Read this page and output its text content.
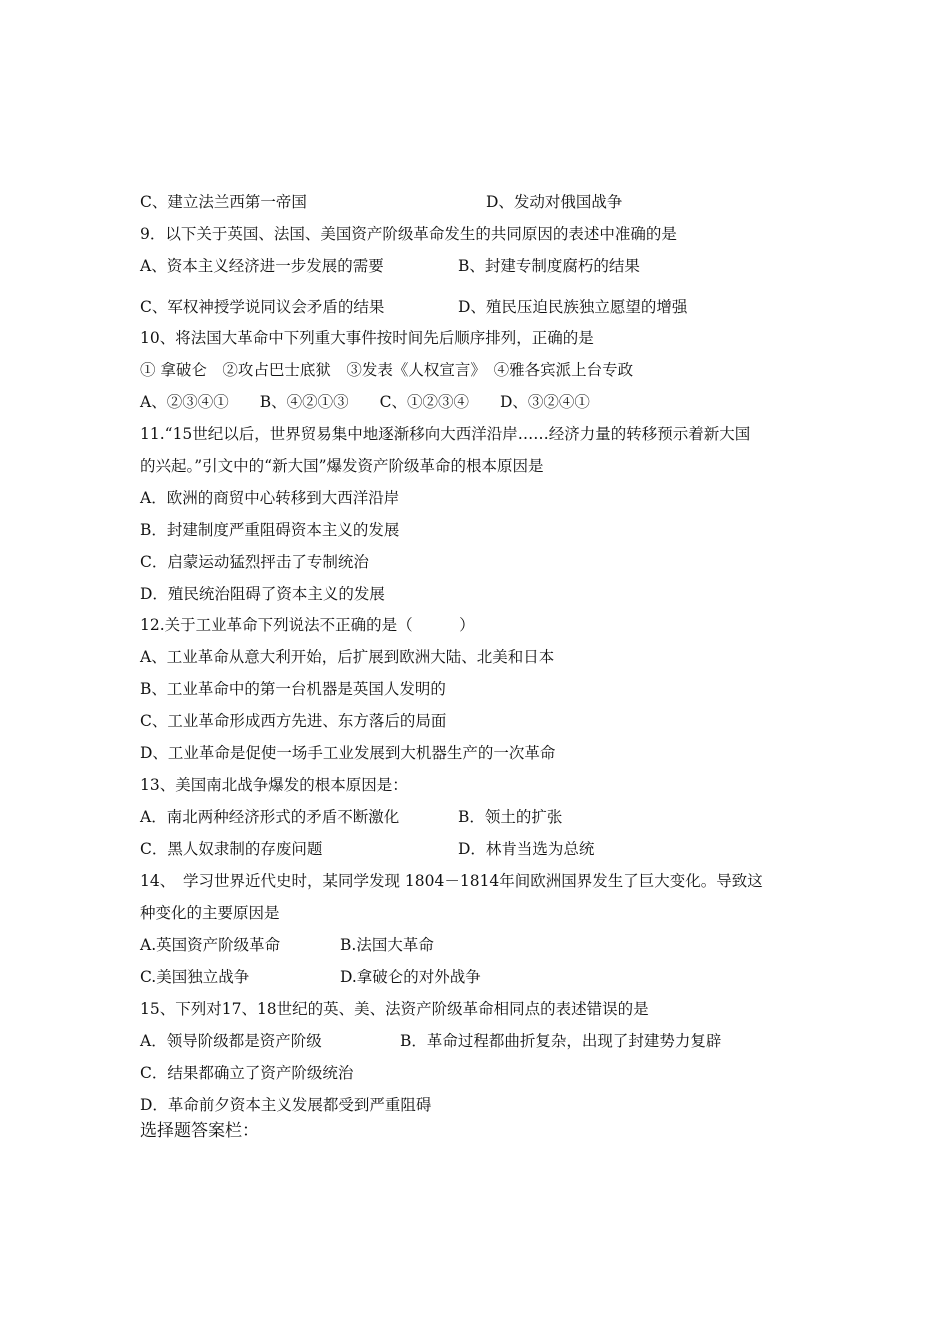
C、建立法兰西第一帝国	D、发动对俄国战争
9．以下关于英国、法国、美国资产阶级革命发生的共同原因的表述中准确的是
A、资本主义经济进一步发展的需要	B、封建专制度腐朽的结果
C、军权神授学说同议会矛盾的结果	D、殖民压迫民族独立愿望的增强
10、将法国大革命中下列重大事件按时间先后顺序排列，正确的是
① 拿破仑　②攻占巴士底狱　③发表《人权宣言》　④雅各宾派上台专政
A、②③④①　　B、④②①③　　C、①②③④　　D、③②④①
11.“15世纪以后，世界贸易集中地逐渐移向大西洋沿岸……经济力量的转移预示着新大国
的兴起。”引文中的“新大国”爆发资产阶级革命的根本原因是
A．欧洲的商贸中心转移到大西洋沿岸
B．封建制度严重阻碍资本主义的发展
C．启蒙运动猛烈抨击了专制统治
D．殖民统治阻碍了资本主义的发展
12.关于工业革命下列说法不正确的是（　　　）
A、工业革命从意大利开始，后扩展到欧洲大陆、北美和日本
B、工业革命中的第一台机器是英国人发明的
C、工业革命形成西方先进、东方落后的局面
D、工业革命是促使一场手工业发展到大机器生产的一次革命
13、美国南北战争爆发的根本原因是：
A．南北两种经济形式的矛盾不断激化	B．领土的扩张
C．黑人奴隶制的存废问题	D．林肯当选为总统
14、　学习世界近代史时，某同学发现 1804－1814年间欧洲国界发生了巨大变化。导致这
种变化的主要原因是
A.英国资产阶级革命	B.法国大革命
C.美国独立战争	D.拿破仑的对外战争
15、下列对17、18世纪的英、美、法资产阶级革命相同点的表述错误的是
A．领导阶级都是资产阶级	B．革命过程都曲折复杂，出现了封建势力复辟
C．结果都确立了资产阶级统治
D．革命前夕资本主义发展都受到严重阻碍
选择题答案栏：
